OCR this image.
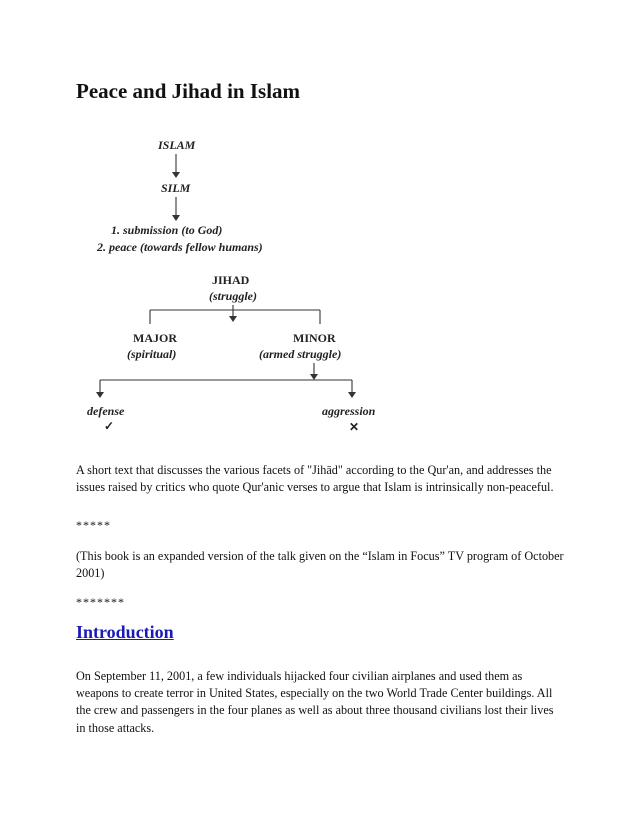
Peace and Jihad in Islam
ISLAM
SILM
1. submission (to God)
2. peace (towards fellow humans)
JIHAD
(struggle)
MAJOR
(spiritual)
MINOR
(armed struggle)
defense
✓
aggression
✕

A short text that discusses the various facets of "Jihād" according to the Qur'an, and addresses the issues raised by critics who quote Qur'anic verses to argue that Islam is intrinsically non-peaceful.

*****

(This book is an expanded version of the talk given on the “Islam in Focus” TV program of October 2001)

*******

Introduction

On September 11, 2001, a few individuals hijacked four civilian airplanes and used them as weapons to create terror in United States, especially on the two World Trade Center buildings. All the crew and passengers in the four planes as well as about three thousand civilians lost their lives in those attacks.
